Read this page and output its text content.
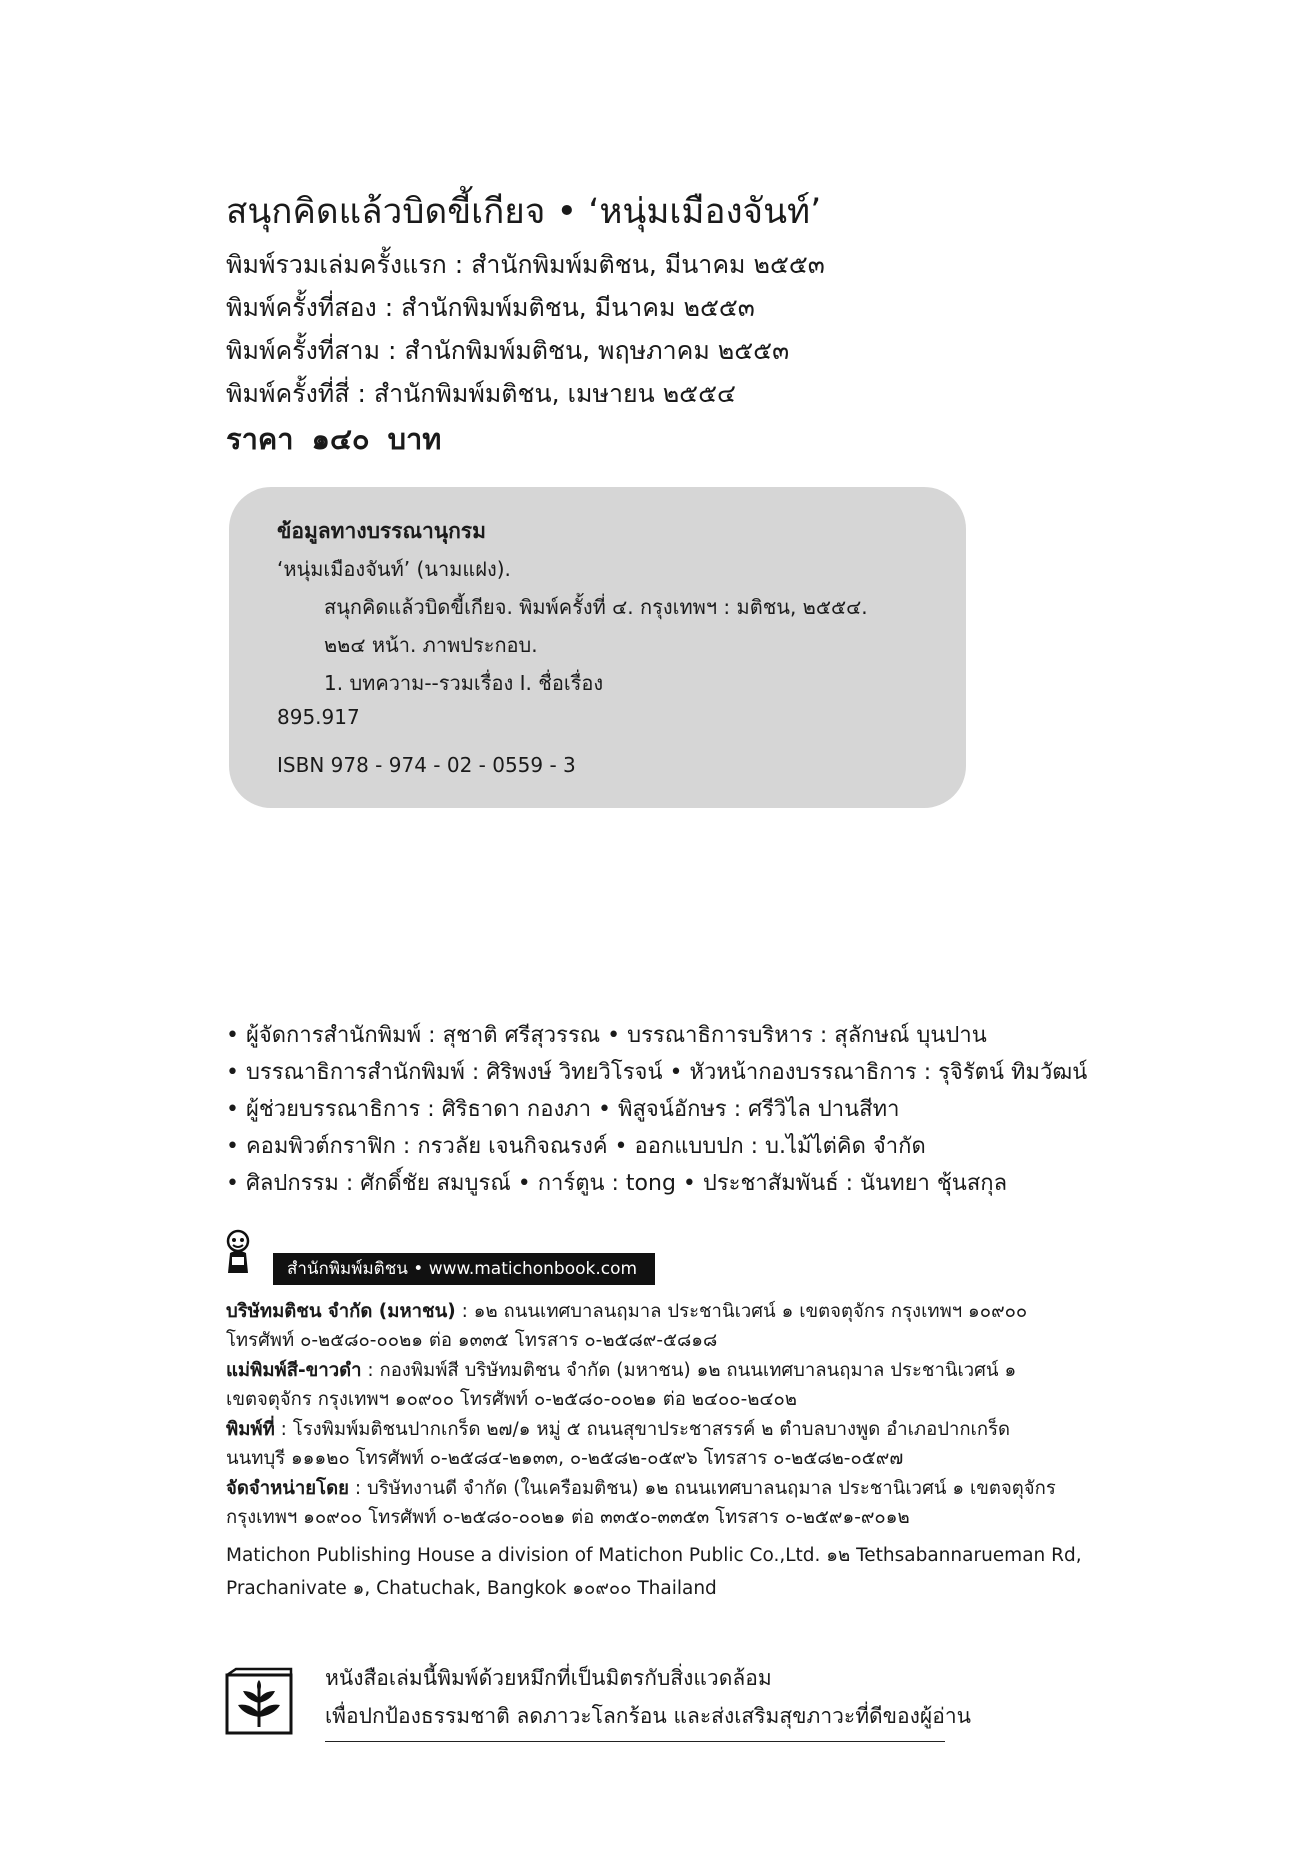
สนุกคิดแล้วบิดขี้เกียจ • ‘หนุ่มเมืองจันท์’
พิมพ์รวมเล่มครั้งแรก : สำนักพิมพ์มติชน, มีนาคม ๒๕๕๓
พิมพ์ครั้งที่สอง : สำนักพิมพ์มติชน, มีนาคม ๒๕๕๓
พิมพ์ครั้งที่สาม : สำนักพิมพ์มติชน, พฤษภาคม ๒๕๕๓
พิมพ์ครั้งที่สี่ : สำนักพิมพ์มติชน, เมษายน ๒๕๕๔
ราคา ๑๔๐ บาท
ข้อมูลทางบรรณานุกรม
‘หนุ่มเมืองจันท์’ (นามแฝง).
สนุกคิดแล้วบิดขี้เกียจ. พิมพ์ครั้งที่ ๔. กรุงเทพฯ : มติชน, ๒๕๕๔.
๒๒๔ หน้า. ภาพประกอบ.
1. บทความ--รวมเรื่อง I. ชื่อเรื่อง
895.917
ISBN 978 - 974 - 02 - 0559 - 3
• ผู้จัดการสำนักพิมพ์ : สุชาติ ศรีสุวรรณ • บรรณาธิการบริหาร : สุลักษณ์ บุนปาน
• บรรณาธิการสำนักพิมพ์ : ศิริพงษ์ วิทยวิโรจน์ • หัวหน้ากองบรรณาธิการ : รุจิรัตน์ ทิมวัฒน์
• ผู้ช่วยบรรณาธิการ : ศิริธาดา กองภา • พิสูจน์อักษร : ศรีวิไล ปานสีทา
• คอมพิวต์กราฟิก : กรวลัย เจนกิจณรงค์ • ออกแบบปก : บ.ไม้ไต่คิด จำกัด
• ศิลปกรรม : ศักดิ์ชัย สมบูรณ์ • การ์ตูน : tong • ประชาสัมพันธ์ : นันทยา ชุ้นสกุล
สำนักพิมพ์มติชน • www.matichonbook.com
บริษัทมติชน จำกัด (มหาชน) : ๑๒ ถนนเทศบาลนฤมาล ประชานิเวศน์ ๑ เขตจตุจักร กรุงเทพฯ ๑๐๙๐๐
โทรศัพท์ ๐-๒๕๘๐-๐๐๒๑ ต่อ ๑๓๓๕ โทรสาร ๐-๒๕๘๙-๕๘๑๘
แม่พิมพ์สี-ขาวดำ : กองพิมพ์สี บริษัทมติชน จำกัด (มหาชน) ๑๒ ถนนเทศบาลนฤมาล ประชานิเวศน์ ๑
เขตจตุจักร กรุงเทพฯ ๑๐๙๐๐ โทรศัพท์ ๐-๒๕๘๐-๐๐๒๑ ต่อ ๒๔๐๐-๒๔๐๒
พิมพ์ที่ : โรงพิมพ์มติชนปากเกร็ด ๒๗/๑ หมู่ ๕ ถนนสุขาประชาสรรค์ ๒ ตำบลบางพูด อำเภอปากเกร็ด
นนทบุรี ๑๑๑๒๐ โทรศัพท์ ๐-๒๕๘๔-๒๑๓๓, ๐-๒๕๘๒-๐๕๙๖ โทรสาร ๐-๒๕๘๒-๐๕๙๗
จัดจำหน่ายโดย : บริษัทงานดี จำกัด (ในเครือมติชน) ๑๒ ถนนเทศบาลนฤมาล ประชานิเวศน์ ๑ เขตจตุจักร
กรุงเทพฯ ๑๐๙๐๐ โทรศัพท์ ๐-๒๕๘๐-๐๐๒๑ ต่อ ๓๓๕๐-๓๓๕๓ โทรสาร ๐-๒๕๙๑-๙๐๑๒
Matichon Publishing House a division of Matichon Public Co.,Ltd. ๑๒ Tethsabannarueman Rd,
Prachanivate ๑, Chatuchak, Bangkok ๑๐๙๐๐ Thailand
หนังสือเล่มนี้พิมพ์ด้วยหมึกที่เป็นมิตรกับสิ่งแวดล้อม
เพื่อปกป้องธรรมชาติ ลดภาวะโลกร้อน และส่งเสริมสุขภาวะที่ดีของผู้อ่าน
